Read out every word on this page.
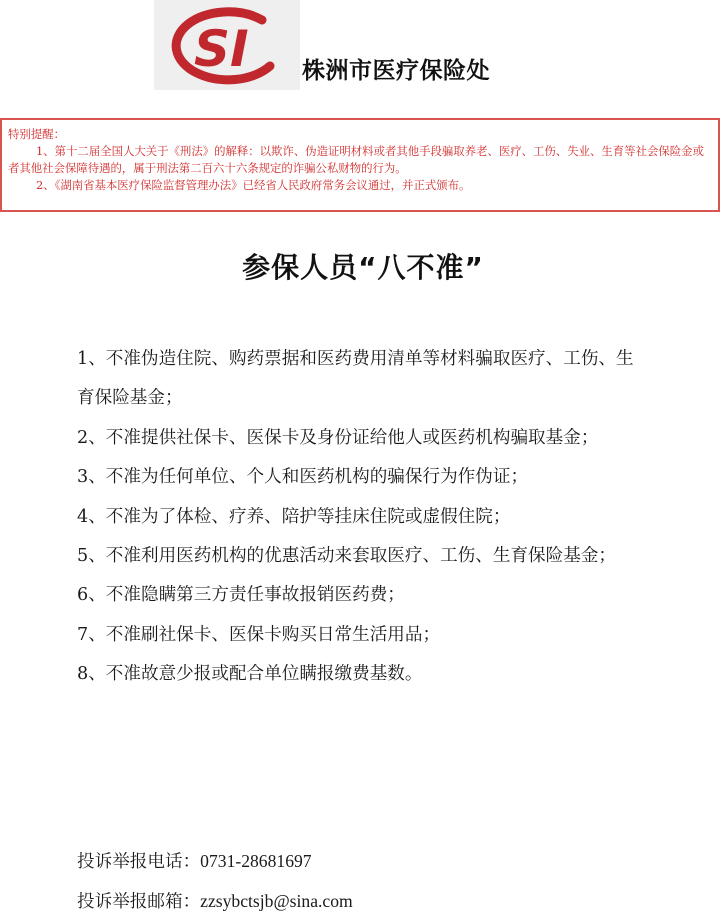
SI 株洲市医疗保险处
特别提醒：
1、第十二届全国人大关于《刑法》的解释：以欺诈、伪造证明材料或者其他手段骗取养老、医疗、工伤、失业、生育等社会保险金或者其他社会保障待遇的，属于刑法第二百六十六条规定的诈骗公私财物的行为。
2、《湖南省基本医疗保险监督管理办法》已经省人民政府常务会议通过，并正式颁布。
参保人员“八不准”
1、不准伪造住院、购药票据和医药费用清单等材料骗取医疗、工伤、生育保险基金；
2、不准提供社保卡、医保卡及身份证给他人或医药机构骗取基金；
3、不准为任何单位、个人和医药机构的骗保行为作伪证；
4、不准为了体检、疗养、陪护等挂床住院或虚假住院；
5、不准利用医药机构的优惠活动来套取医疗、工伤、生育保险基金；
6、不准隐瞒第三方责任事故报销医药费；
7、不准刷社保卡、医保卡购买日常生活用品；
8、不准故意少报或配合单位瞒报缴费基数。
投诉举报电话：0731-28681697
投诉举报邮箱：zzsybctsjb@sina.com
